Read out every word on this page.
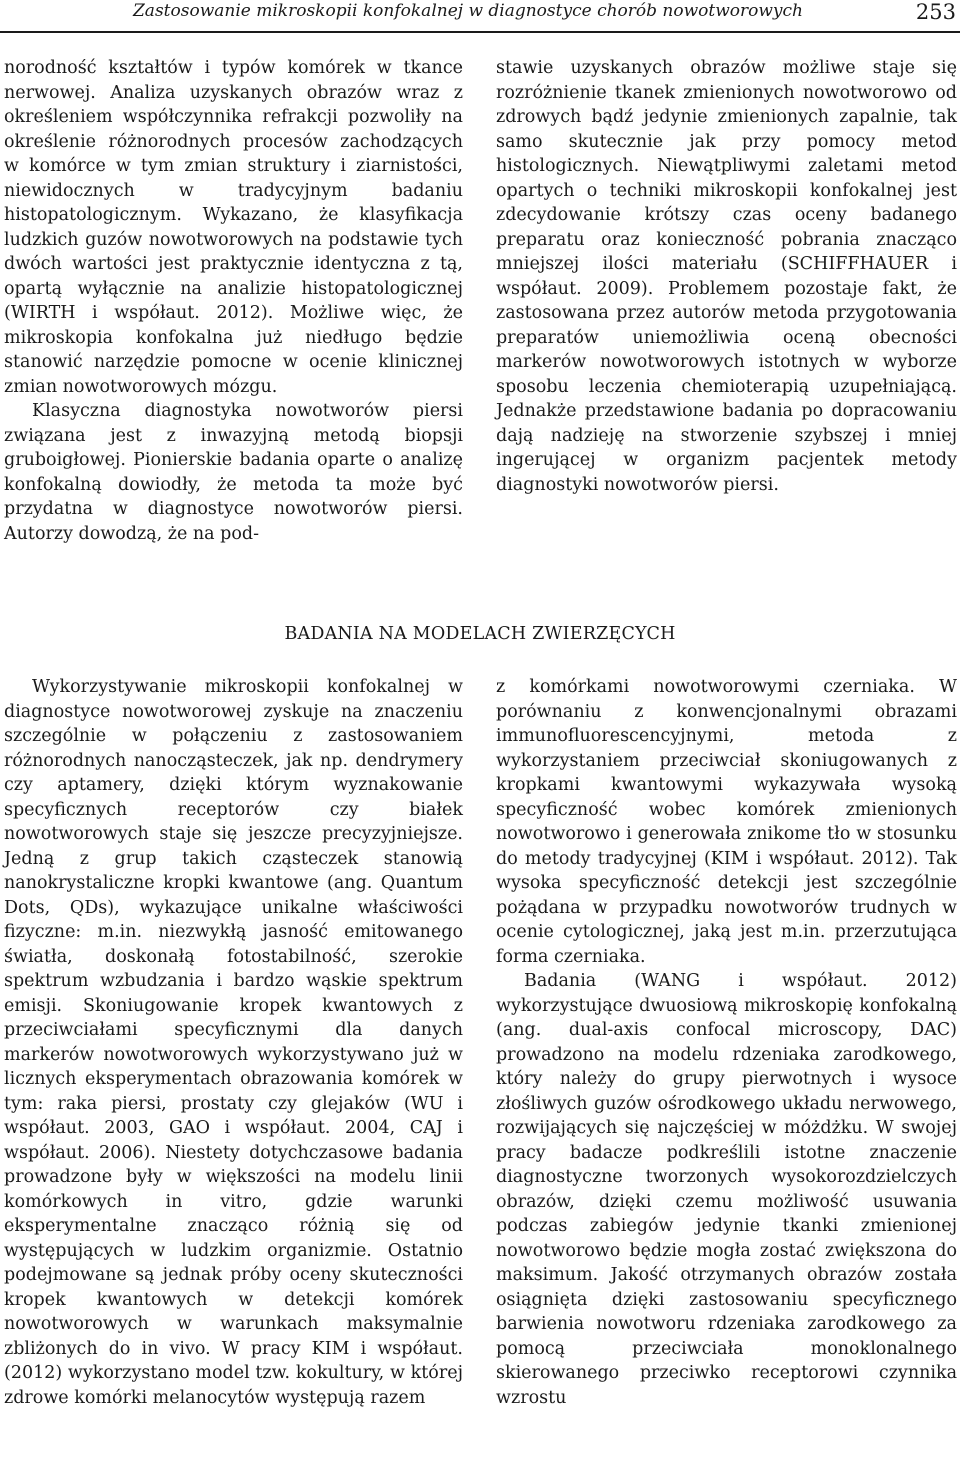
Zastosowanie mikroskopii konfokalnej w diagnostyce chorób nowotworowych	253

norodność kształtów i typów komórek w tkance nerwowej. Analiza uzyskanych obrazów wraz z określeniem współczynnika refrakcji pozwoliły na określenie różnorodnych procesów zachodzących w komórce w tym zmian struktury i ziarnistości, niewidocznych w tradycyjnym badaniu histopatologicznym. Wykazano, że klasyfikacja ludzkich guzów nowotworowych na podstawie tych dwóch wartości jest praktycznie identyczna z tą, opartą wyłącznie na analizie histopatologicznej (WIRTH i współaut. 2012). Możliwe więc, że mikroskopia konfokalna już niedługo będzie stanowić narzędzie pomocne w ocenie klinicznej zmian nowotworowych mózgu.

Klasyczna diagnostyka nowotworów piersi związana jest z inwazyjną metodą biopsji gruboigłowej. Pionierskie badania oparte o analizę konfokalną dowiodły, że metoda ta może być przydatna w diagnostyce nowotworów piersi. Autorzy dowodzą, że na pod-

stawie uzyskanych obrazów możliwe staje się rozróżnienie tkanek zmienionych nowotworowo od zdrowych bądź jedynie zmienionych zapalnie, tak samo skutecznie jak przy pomocy metod histologicznych. Niewątpliwymi zaletami metod opartych o techniki mikroskopii konfokalnej jest zdecydowanie krótszy czas oceny badanego preparatu oraz konieczność pobrania znacząco mniejszej ilości materiału (SCHIFFHAUER i współaut. 2009). Problemem pozostaje fakt, że zastosowana przez autorów metoda przygotowania preparatów uniemożliwia oceną obecności markerów nowotworowych istotnych w wyborze sposobu leczenia chemioterapią uzupełniającą. Jednakże przedstawione badania po dopracowaniu dają nadzieję na stworzenie szybszej i mniej ingerującej w organizm pacjentek metody diagnostyki nowotworów piersi.

BADANIA NA MODELACH ZWIERZĘCYCH

Wykorzystywanie mikroskopii konfokalnej w diagnostyce nowotworowej zyskuje na znaczeniu szczególnie w połączeniu z zastosowaniem różnorodnych nanocząsteczek, jak np. dendrymery czy aptamery, dzięki którym wyznakowanie specyficznych receptorów czy białek nowotworowych staje się jeszcze precyzyjniejsze. Jedną z grup takich cząsteczek stanowią nanokrystaliczne kropki kwantowe (ang. Quantum Dots, QDs), wykazujące unikalne właściwości fizyczne: m.in. niezwykłą jasność emitowanego światła, doskonałą fotostabilność, szerokie spektrum wzbudzania i bardzo wąskie spektrum emisji. Skoniugowanie kropek kwantowych z przeciwciałami specyficznymi dla danych markerów nowotworowych wykorzystywano już w licznych eksperymentach obrazowania komórek w tym: raka piersi, prostaty czy glejaków (WU i współaut. 2003, GAO i współaut. 2004, CAJ i współaut. 2006). Niestety dotychczasowe badania prowadzone były w większości na modelu linii komórkowych in vitro, gdzie warunki eksperymentalne znacząco różnią się od występujących w ludzkim organizmie. Ostatnio podejmowane są jednak próby oceny skuteczności kropek kwantowych w detekcji komórek nowotworowych w warunkach maksymalnie zbliżonych do in vivo. W pracy KIM i współaut. (2012) wykorzystano model tzw. kokultury, w której zdrowe komórki melanocytów występują razem

z komórkami nowotworowymi czerniaka. W porównaniu z konwencjonalnymi obrazami immunofluorescencyjnymi, metoda z wykorzystaniem przeciwciał skoniugowanych z kropkami kwantowymi wykazywała wysoką specyficzność wobec komórek zmienionych nowotworowo i generowała znikome tło w stosunku do metody tradycyjnej (KIM i współaut. 2012). Tak wysoka specyficzność detekcji jest szczególnie pożądana w przypadku nowotworów trudnych w ocenie cytologicznej, jaką jest m.in. przerzutująca forma czerniaka.

Badania (WANG i współaut. 2012) wykorzystujące dwuosiową mikroskopię konfokalną (ang. dual-axis confocal microscopy, DAC) prowadzono na modelu rdzeniaka zarodkowego, który należy do grupy pierwotnych i wysoce złośliwych guzów ośrodkowego układu nerwowego, rozwijających się najczęściej w móżdżku. W swojej pracy badacze podkreślili istotne znaczenie diagnostyczne tworzonych wysokorozdzielczych obrazów, dzięki czemu możliwość usuwania podczas zabiegów jedynie tkanki zmienionej nowotworowo będzie mogła zostać zwiększona do maksimum. Jakość otrzymanych obrazów została osiągnięta dzięki zastosowaniu specyficznego barwienia nowotworu rdzeniaka zarodkowego za pomocą przeciwciała monoklonalnego skierowanego przeciwko receptorowi czynnika wzrostu
